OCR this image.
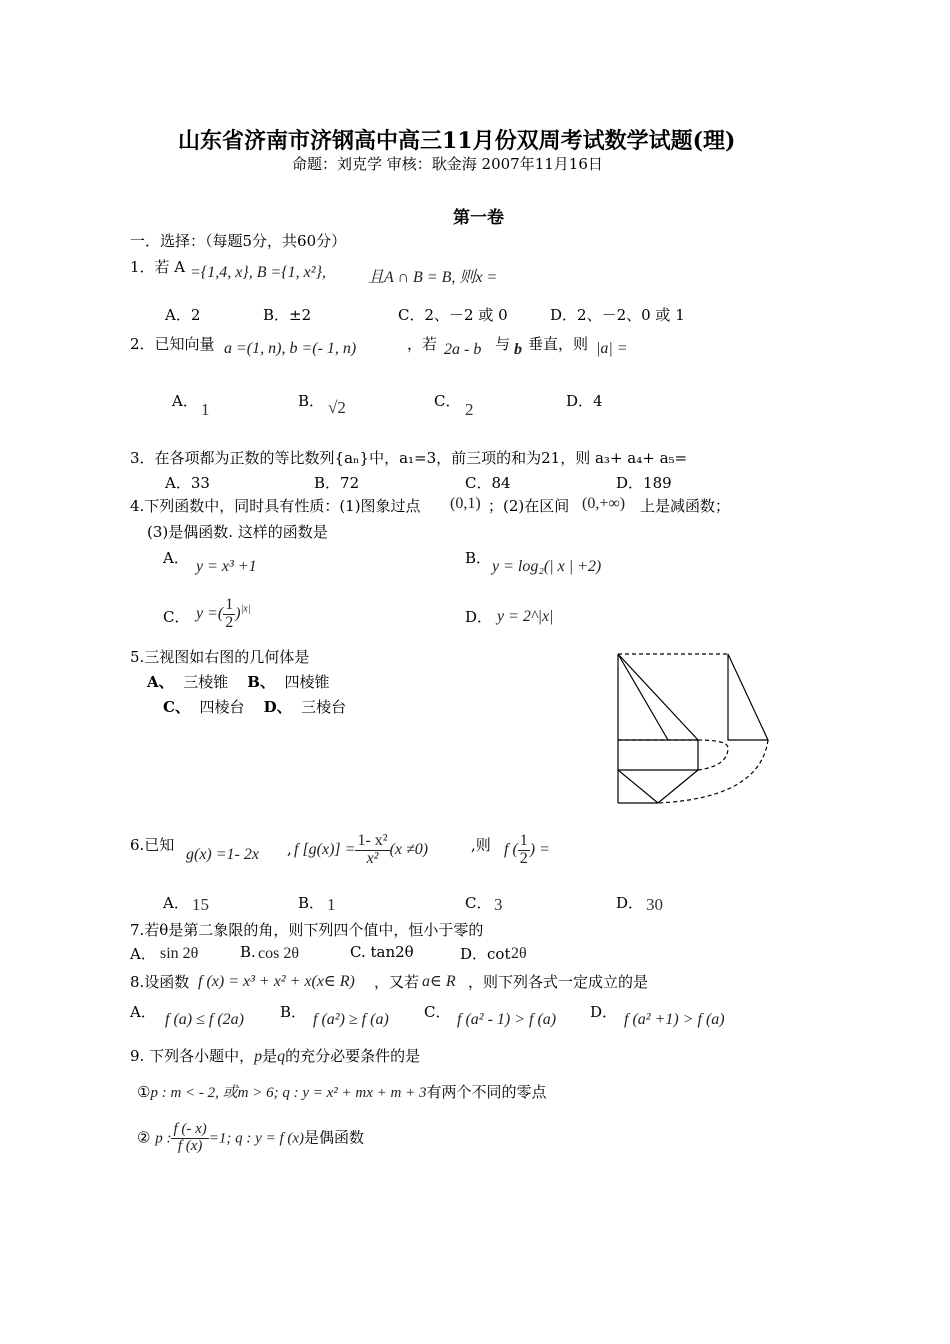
山东省济南市济钢高中高三11月份双周考试数学试题(理)
命题：刘克学 审核：耿金海 2007年11月16日
第一卷
一．选择：（每题5分，共60分）
1．若 A ={1,4, x}, B ={1, x²},	且A ∩ B = B, 则x =
A．2	B．±2	C．2、－2 或 0	D．2、－2、0 或 1
2．已知向量 a =(1, n), b =(- 1, n)	，若 2a - b 与 b 垂直，则 |a| =
A． 1	B． √2	C． 2	D．4
3．在各项都为正数的等比数列{aₙ}中，a₁=3，前三项的和为21，则 a₃+ a₄+ a₅=
A．33	B．72	C．84	D．189
4.下列函数中，同时具有性质：(1)图象过点 (0,1) ；(2)在区间 (0,+∞) 上是减函数；
(3)是偶函数. 这样的函数是
A． y = x³ +1	B． y = log₂(| x | +2)
C． y =( $\frac{1}{2} )^{|x|}$	D． y = 2^|x|
5.三视图如右图的几何体是
A、 三棱锥 B、 四棱锥
C、 四棱台 D、 三棱台
6.已知
g(x) =1- 2x , f $[g(x)] = \frac{\text{1- x²}}{\text{x²}} (x \ne 0)$	,则 f ( $\frac{1}{2}$ ) =
A． 15	B． 1	C． 3	D． 30
7.若θ是第二象限的角，则下列四个值中，恒小于零的
A． sin 2θ	B. cos 2θ	C. tan2θ	D．cot 2θ
8.设函数 f (x) = x³ + x² + x(x∈ R) ，又若 a∈ R ，则下列各式一定成立的是
A． f (a) ≤ f (2a) B． f (a²) ≥ f (a) C． f (a² - 1) > f (a) D． f (a² +1) > f (a)
9. 下列各小题中，p是q的充分必要条件的是
①p : m < - 2, 或m > 6; q : y = x² + mx + m + 3有两个不同的零点
② p : $\frac{f (- x)}{f (x)} =1$; q : y = f (x)是偶函数
